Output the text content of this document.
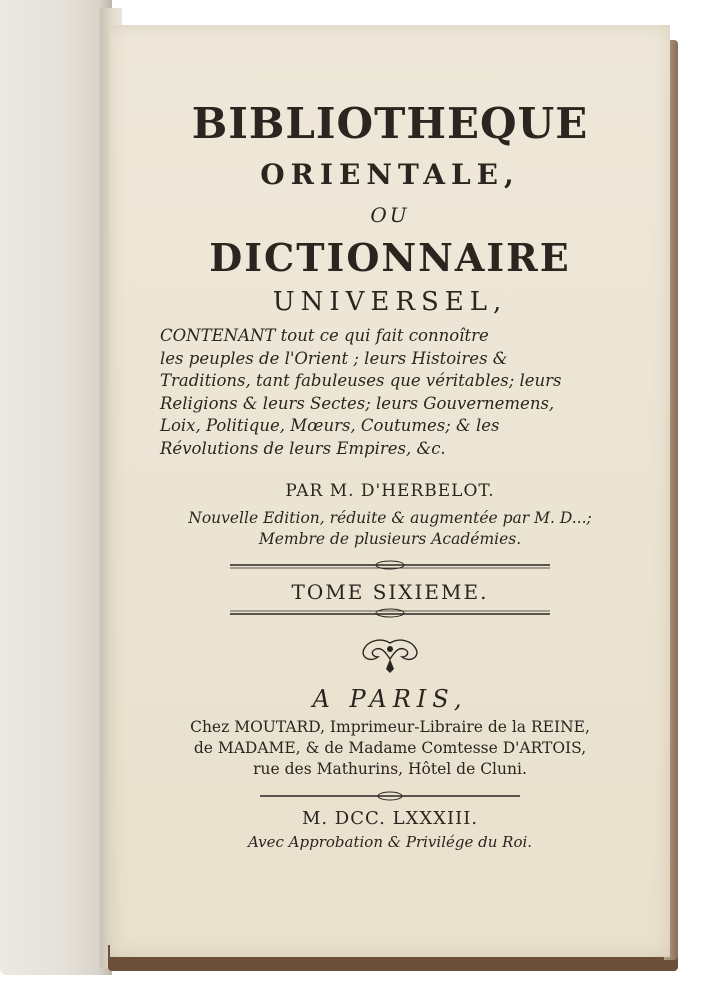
BIBLIOTHEQUE
ORIENTALE,
OU
DICTIONNAIRE
UNIVERSEL,
CONTENANT tout ce qui fait connoître
les peuples de l'Orient ; leurs Histoires &
Traditions, tant fabuleuses que véritables; leurs
Religions & leurs Sectes; leurs Gouvernemens,
Loix, Politique, Mœurs, Coutumes; & les
Révolutions de leurs Empires, &c.
PAR M. D'HERBELOT.
Nouvelle Edition, réduite & augmentée par M. D...;
Membre de plusieurs Académies.
TOME SIXIEME.
A PARIS,
Chez MOUTARD, Imprimeur-Libraire de la REINE,
de MADAME, & de Madame Comtesse D'ARTOIS,
rue des Mathurins, Hôtel de Cluni.
M. DCC. LXXXIII.
Avec Approbation & Privilége du Roi.
